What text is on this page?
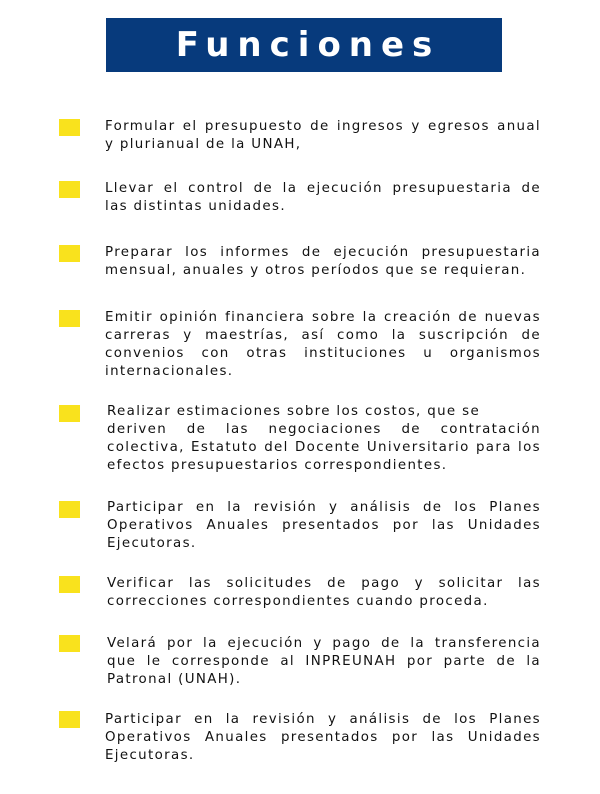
Funciones

Formular el presupuesto de ingresos y egresos anual y plurianual de la UNAH,

Llevar el control de la ejecución presupuestaria de las distintas unidades.

Preparar los informes de ejecución presupuestaria mensual, anuales y otros períodos que se requieran.

Emitir opinión financiera sobre la creación de nuevas carreras y maestrías, así como la suscripción de convenios con otras instituciones u organismos internacionales.

Realizar estimaciones sobre los costos, que se
deriven de las negociaciones de contratación colectiva, Estatuto del Docente Universitario para los efectos presupuestarios correspondientes.

Participar en la revisión y análisis de los Planes Operativos Anuales presentados por las Unidades Ejecutoras.

Verificar las solicitudes de pago y solicitar las correcciones correspondientes cuando proceda.

Velará por la ejecución y pago de la transferencia que le corresponde al INPREUNAH por parte de la Patronal (UNAH).

Participar en la revisión y análisis de los Planes Operativos Anuales presentados por las Unidades Ejecutoras.
